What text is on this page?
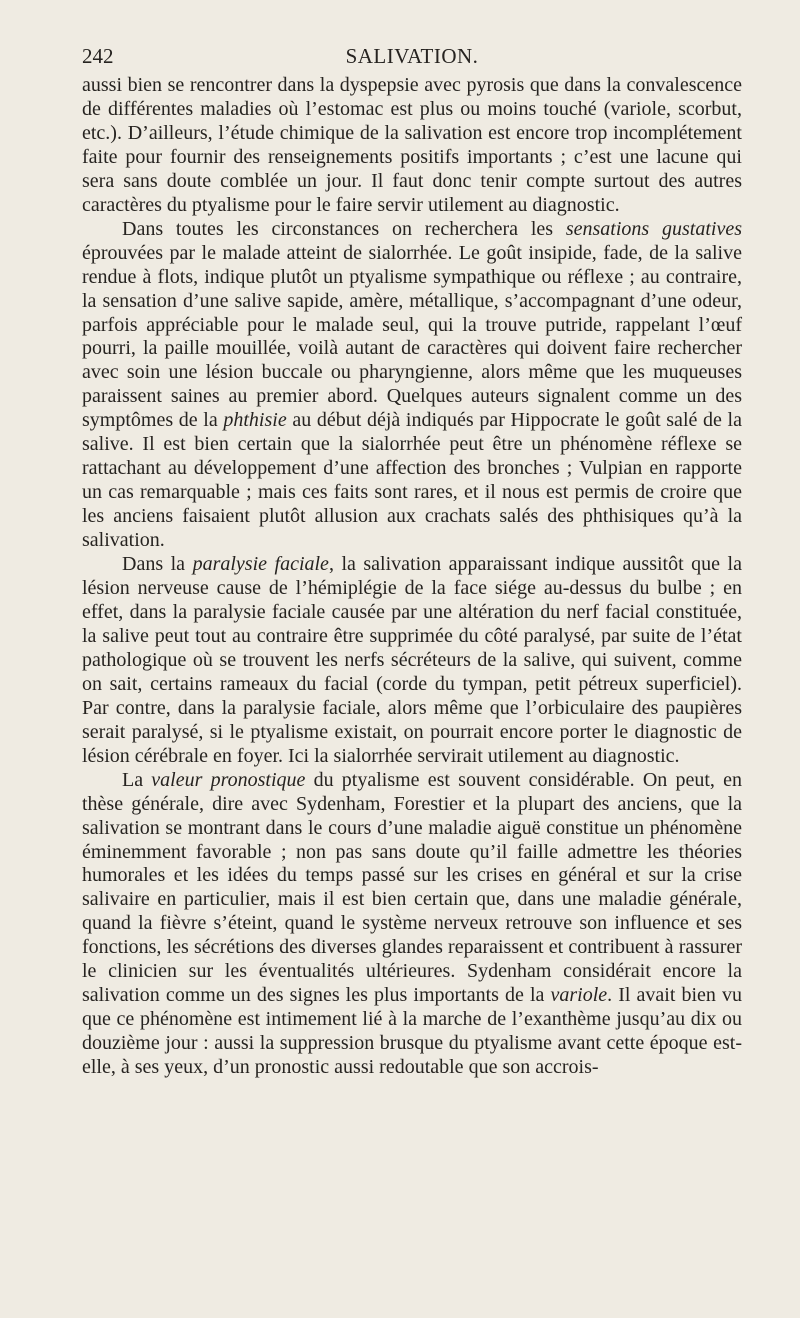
242	SALIVATION.

aussi bien se rencontrer dans la dyspepsie avec pyrosis que dans la convalescence de différentes maladies où l’estomac est plus ou moins touché (variole, scorbut, etc.). D’ailleurs, l’étude chimique de la salivation est encore trop incomplétement faite pour fournir des renseignements positifs importants ; c’est une lacune qui sera sans doute comblée un jour. Il faut donc tenir compte surtout des autres caractères du ptyalisme pour le faire servir utilement au diagnostic.

Dans toutes les circonstances on recherchera les sensations gustatives éprouvées par le malade atteint de sialorrhée. Le goût insipide, fade, de la salive rendue à flots, indique plutôt un ptyalisme sympathique ou réflexe ; au contraire, la sensation d’une salive sapide, amère, métallique, s’accompagnant d’une odeur, parfois appréciable pour le malade seul, qui la trouve putride, rappelant l’œuf pourri, la paille mouillée, voilà autant de caractères qui doivent faire rechercher avec soin une lésion buccale ou pharyngienne, alors même que les muqueuses paraissent saines au premier abord. Quelques auteurs signalent comme un des symptômes de la phthisie au début déjà indiqués par Hippocrate le goût salé de la salive. Il est bien certain que la sialorrhée peut être un phénomène réflexe se rattachant au développement d’une affection des bronches ; Vulpian en rapporte un cas remarquable ; mais ces faits sont rares, et il nous est permis de croire que les anciens faisaient plutôt allusion aux crachats salés des phthisiques qu’à la salivation.

Dans la paralysie faciale, la salivation apparaissant indique aussitôt que la lésion nerveuse cause de l’hémiplégie de la face siége au-dessus du bulbe ; en effet, dans la paralysie faciale causée par une altération du nerf facial constituée, la salive peut tout au contraire être supprimée du côté paralysé, par suite de l’état pathologique où se trouvent les nerfs sécréteurs de la salive, qui suivent, comme on sait, certains rameaux du facial (corde du tympan, petit pétreux superficiel). Par contre, dans la paralysie faciale, alors même que l’orbiculaire des paupières serait paralysé, si le ptyalisme existait, on pourrait encore porter le diagnostic de lésion cérébrale en foyer. Ici la sialorrhée servirait utilement au diagnostic.

La valeur pronostique du ptyalisme est souvent considérable. On peut, en thèse générale, dire avec Sydenham, Forestier et la plupart des anciens, que la salivation se montrant dans le cours d’une maladie aiguë constitue un phénomène éminemment favorable ; non pas sans doute qu’il faille admettre les théories humorales et les idées du temps passé sur les crises en général et sur la crise salivaire en particulier, mais il est bien certain que, dans une maladie générale, quand la fièvre s’éteint, quand le système nerveux retrouve son influence et ses fonctions, les sécrétions des diverses glandes reparaissent et contribuent à rassurer le clinicien sur les éventualités ultérieures. Sydenham considérait encore la salivation comme un des signes les plus importants de la variole. Il avait bien vu que ce phénomène est intimement lié à la marche de l’exanthème jusqu’au dix ou douzième jour : aussi la suppression brusque du ptyalisme avant cette époque est-elle, à ses yeux, d’un pronostic aussi redoutable que son accrois-
